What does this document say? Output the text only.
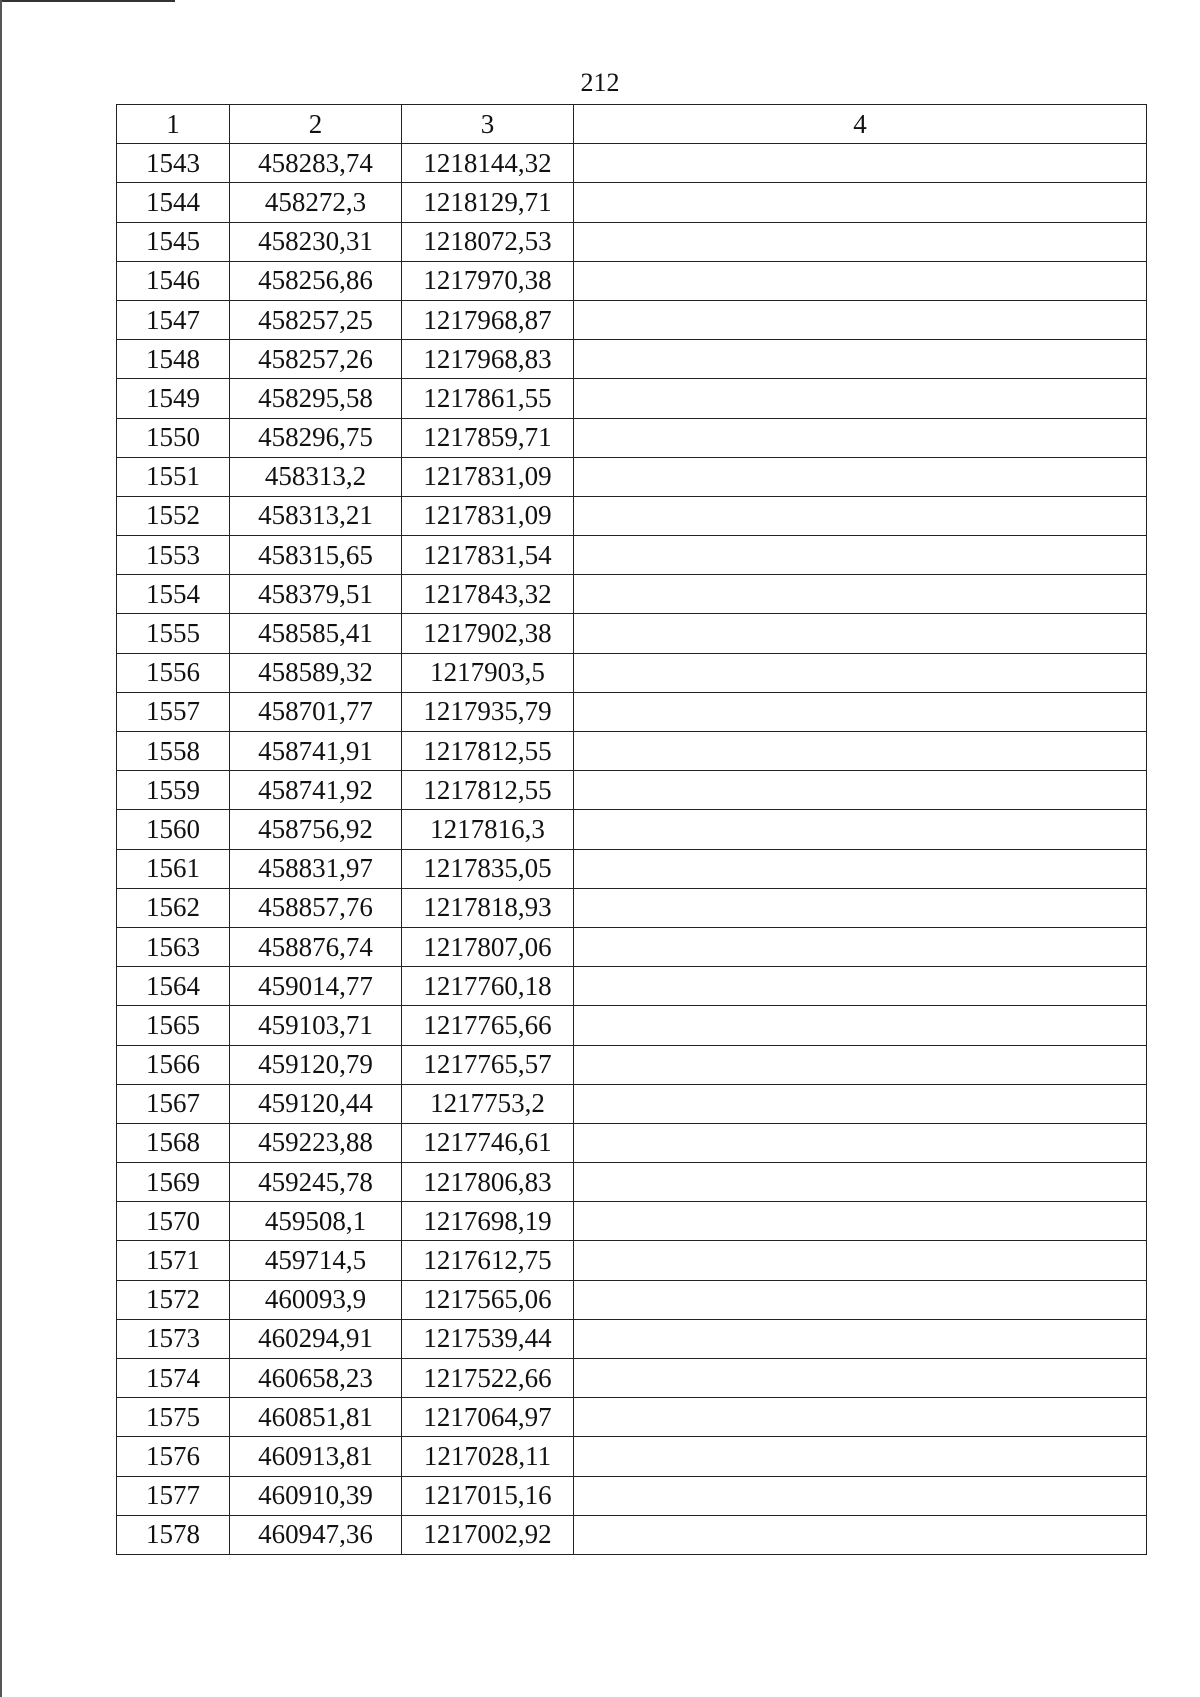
212
1	2	3	4
1543	458283,74	1218144,32	
1544	458272,3	1218129,71	
1545	458230,31	1218072,53	
1546	458256,86	1217970,38	
1547	458257,25	1217968,87	
1548	458257,26	1217968,83	
1549	458295,58	1217861,55	
1550	458296,75	1217859,71	
1551	458313,2	1217831,09	
1552	458313,21	1217831,09	
1553	458315,65	1217831,54	
1554	458379,51	1217843,32	
1555	458585,41	1217902,38	
1556	458589,32	1217903,5	
1557	458701,77	1217935,79	
1558	458741,91	1217812,55	
1559	458741,92	1217812,55	
1560	458756,92	1217816,3	
1561	458831,97	1217835,05	
1562	458857,76	1217818,93	
1563	458876,74	1217807,06	
1564	459014,77	1217760,18	
1565	459103,71	1217765,66	
1566	459120,79	1217765,57	
1567	459120,44	1217753,2	
1568	459223,88	1217746,61	
1569	459245,78	1217806,83	
1570	459508,1	1217698,19	
1571	459714,5	1217612,75	
1572	460093,9	1217565,06	
1573	460294,91	1217539,44	
1574	460658,23	1217522,66	
1575	460851,81	1217064,97	
1576	460913,81	1217028,11	
1577	460910,39	1217015,16	
1578	460947,36	1217002,92	
